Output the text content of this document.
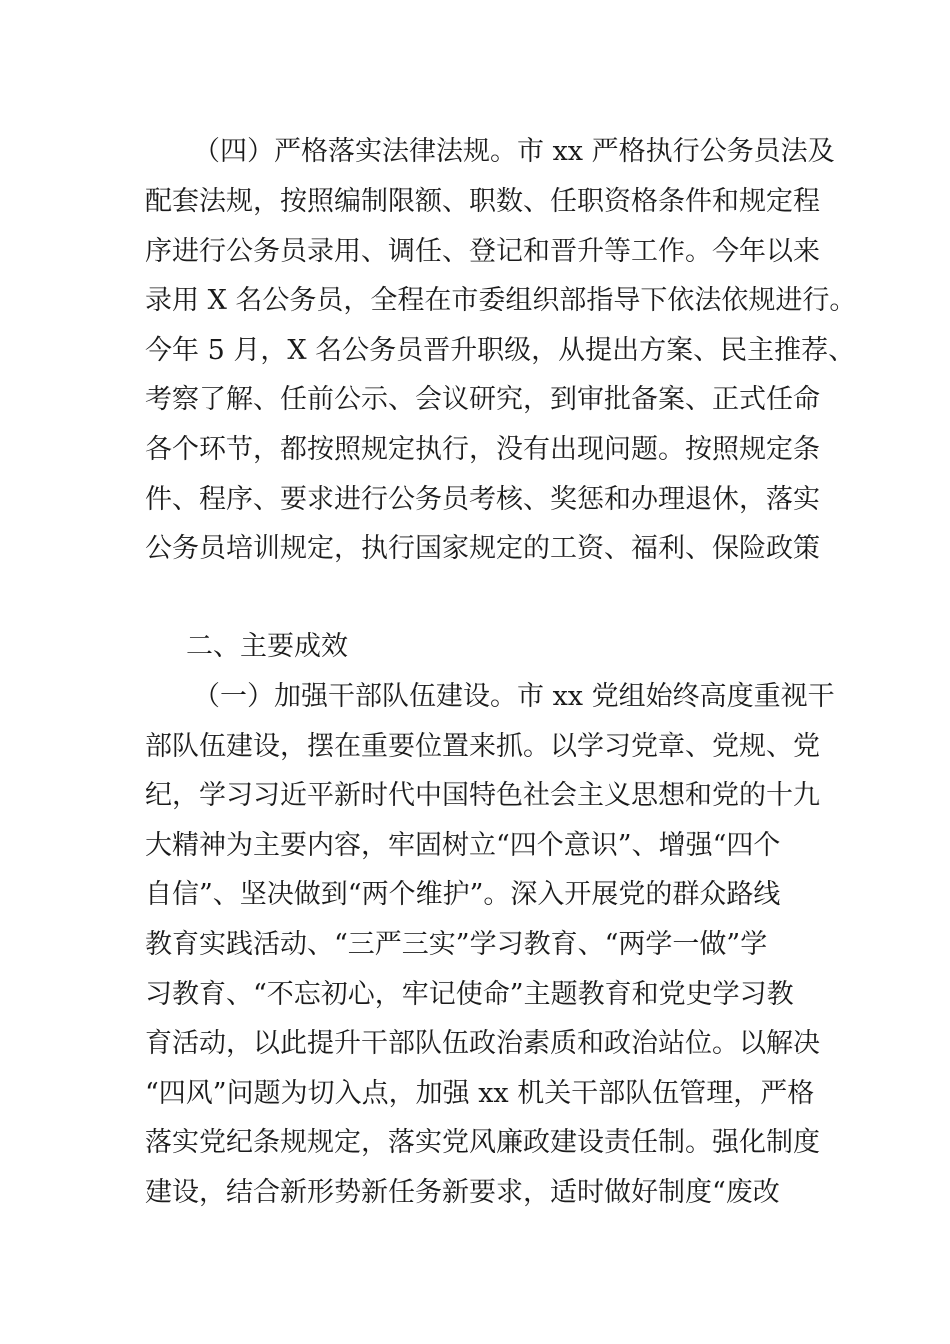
（四）严格落实法律法规。市 xx 严格执行公务员法及
配套法规，按照编制限额、职数、任职资格条件和规定程
序进行公务员录用、调任、登记和晋升等工作。今年以来
录用 X 名公务员，全程在市委组织部指导下依法依规进行。
今年 5 月，X 名公务员晋升职级，从提出方案、民主推荐、
考察了解、任前公示、会议研究，到审批备案、正式任命
各个环节，都按照规定执行，没有出现问题。按照规定条
件、程序、要求进行公务员考核、奖惩和办理退休，落实
公务员培训规定，执行国家规定的工资、福利、保险政策
二、主要成效
（一）加强干部队伍建设。市 xx 党组始终高度重视干
部队伍建设，摆在重要位置来抓。以学习党章、党规、党
纪，学习习近平新时代中国特色社会主义思想和党的十九
大精神为主要内容，牢固树立“四个意识”、增强“四个
自信”、坚决做到“两个维护”。深入开展党的群众路线
教育实践活动、“三严三实”学习教育、“两学一做”学
习教育、“不忘初心，牢记使命”主题教育和党史学习教
育活动，以此提升干部队伍政治素质和政治站位。以解决
“四风”问题为切入点，加强 xx 机关干部队伍管理，严格
落实党纪条规规定，落实党风廉政建设责任制。强化制度
建设，结合新形势新任务新要求，适时做好制度“废改
